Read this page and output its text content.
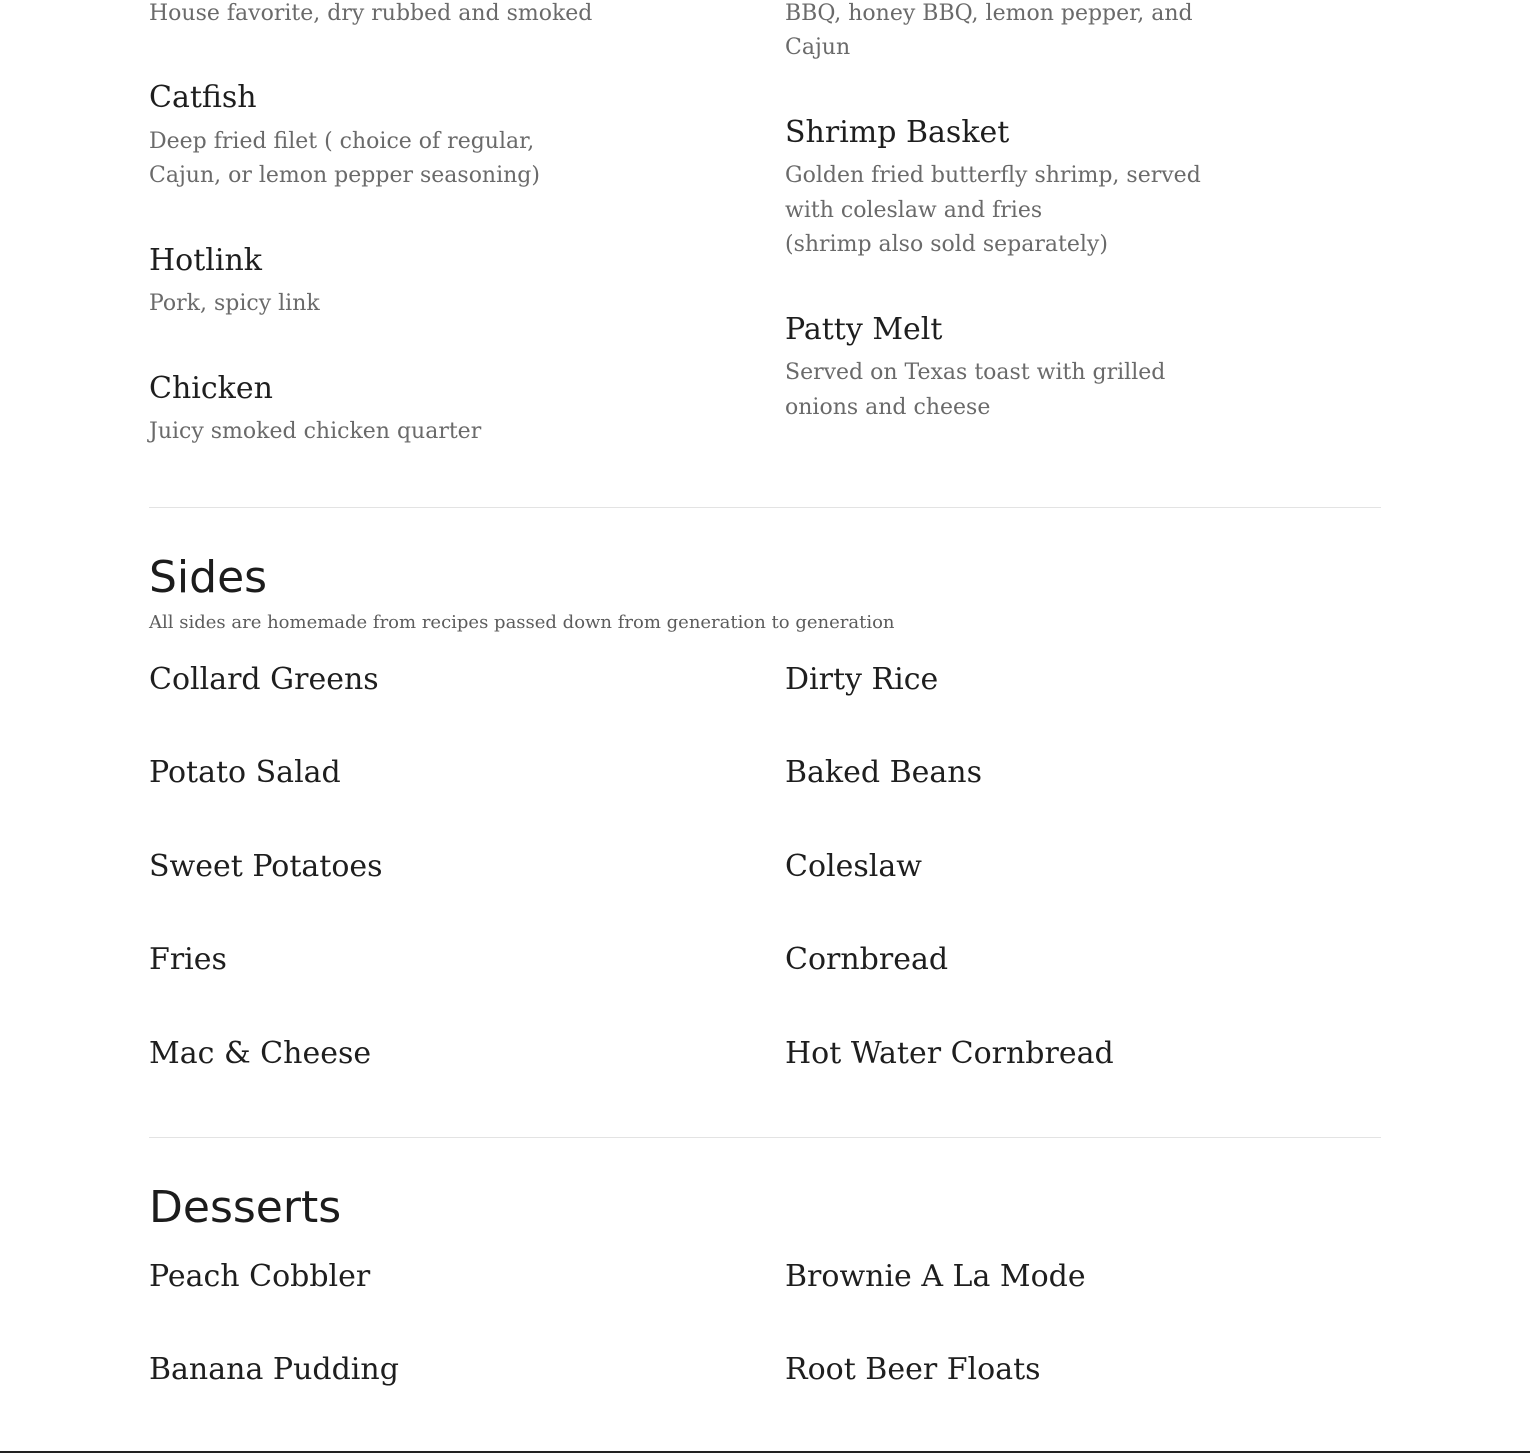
House favorite, dry rubbed and smoked
Catfish
Deep fried filet ( choice of regular,
Cajun, or lemon pepper seasoning)
Hotlink
Pork, spicy link
Chicken
Juicy smoked chicken quarter
BBQ, honey BBQ, lemon pepper, and
Cajun
Shrimp Basket
Golden fried butterfly shrimp, served
with coleslaw and fries
(shrimp also sold separately)
Patty Melt
Served on Texas toast with grilled
onions and cheese
Sides
All sides are homemade from recipes passed down from generation to generation
Collard Greens
Potato Salad
Sweet Potatoes
Fries
Mac & Cheese
Dirty Rice
Baked Beans
Coleslaw
Cornbread
Hot Water Cornbread
Desserts
Peach Cobbler
Banana Pudding
Brownie A La Mode
Root Beer Floats
